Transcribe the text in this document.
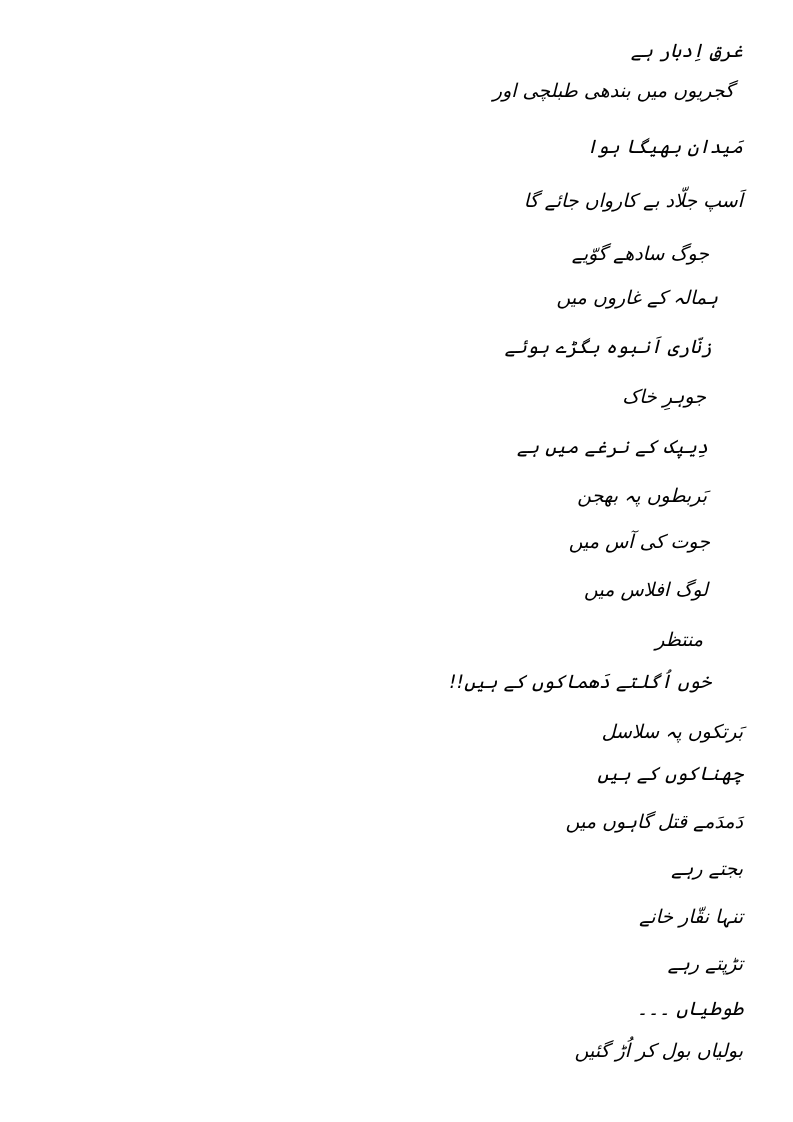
غرقِ اِدبار ہے
گجریوں میں بندھی طبلچی اور
مَیدان بھیگا ہوا
اَسپ جلّاد بے کارواں جائے گا
جوگ سادھے گوّیے
ہمالہ کے غاروں میں
زنّاری اَنبوہ بگڑے ہوئے
جوہرِ خاک
دِیپک کے نرغے میں ہے
بَربطوں پہ بھجن
جوت کی آس میں
لوگ افلاس میں
منتظر
خوں اُگلتے دَھماکوں کے ہیں!!
بَرتکوں پہ سلاسل
چھناکوں کے ہیں
دَمدَمے قتل گاہوں میں
بجتے رہے
تنہا نقّار خانے
تڑپتے رہے
طوطیاں ۔۔۔
بولیاں بول کر اُڑ گئیں
